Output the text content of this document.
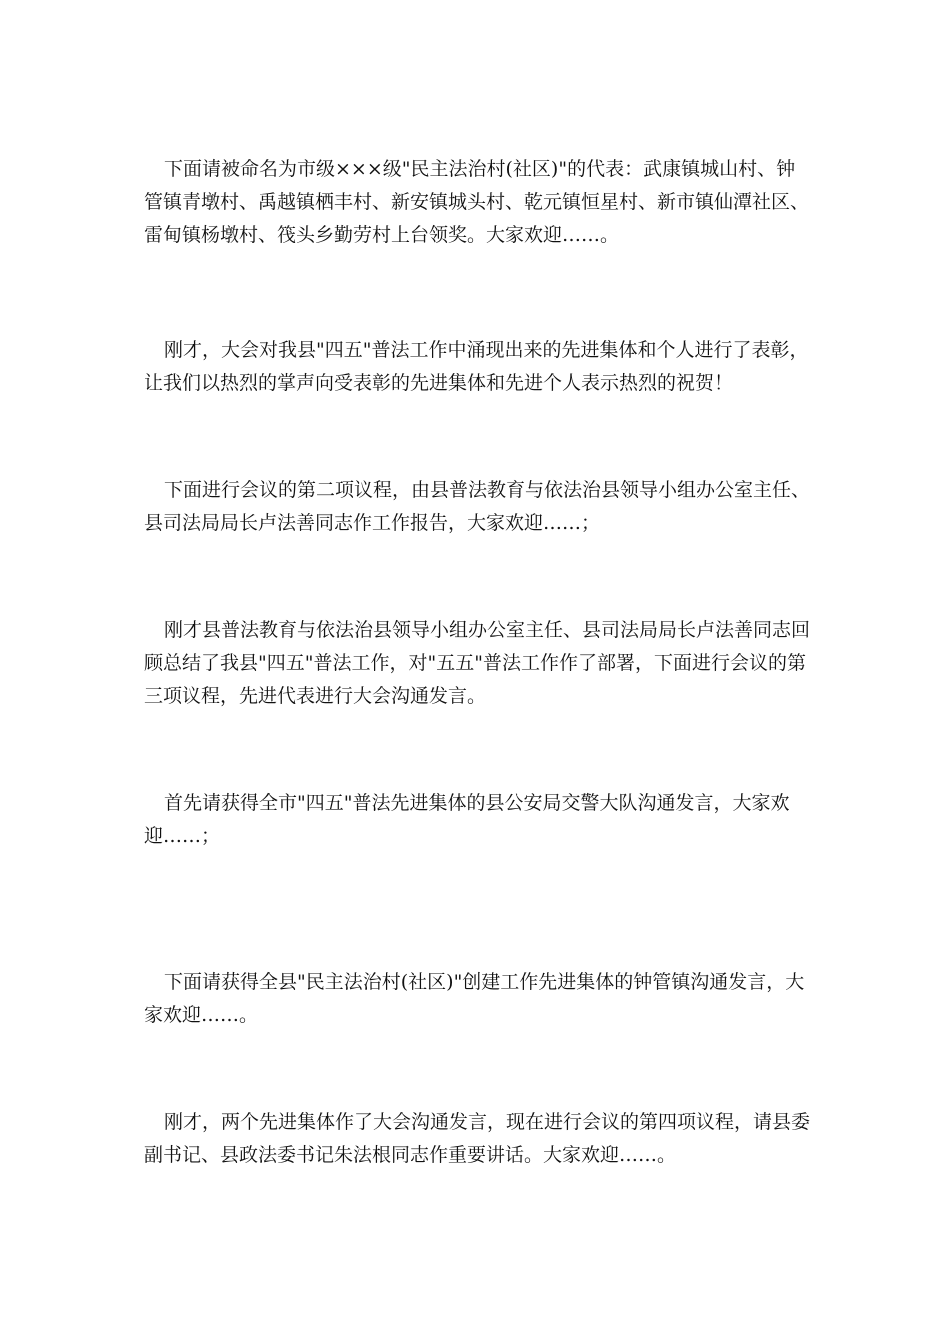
下面请被命名为市级×××级"民主法治村(社区)"的代表：武康镇城山村、钟管镇青墩村、禹越镇栖丰村、新安镇城头村、乾元镇恒星村、新市镇仙潭社区、雷甸镇杨墩村、筏头乡勤劳村上台领奖。大家欢迎……。

刚才，大会对我县"四五"普法工作中涌现出来的先进集体和个人进行了表彰，让我们以热烈的掌声向受表彰的先进集体和先进个人表示热烈的祝贺！

下面进行会议的第二项议程，由县普法教育与依法治县领导小组办公室主任、县司法局局长卢法善同志作工作报告，大家欢迎……；

刚才县普法教育与依法治县领导小组办公室主任、县司法局局长卢法善同志回顾总结了我县"四五"普法工作，对"五五"普法工作作了部署，下面进行会议的第三项议程，先进代表进行大会沟通发言。

首先请获得全市"四五"普法先进集体的县公安局交警大队沟通发言，大家欢迎……；

下面请获得全县"民主法治村(社区)"创建工作先进集体的钟管镇沟通发言，大家欢迎……。

刚才，两个先进集体作了大会沟通发言，现在进行会议的第四项议程，请县委副书记、县政法委书记朱法根同志作重要讲话。大家欢迎……。
